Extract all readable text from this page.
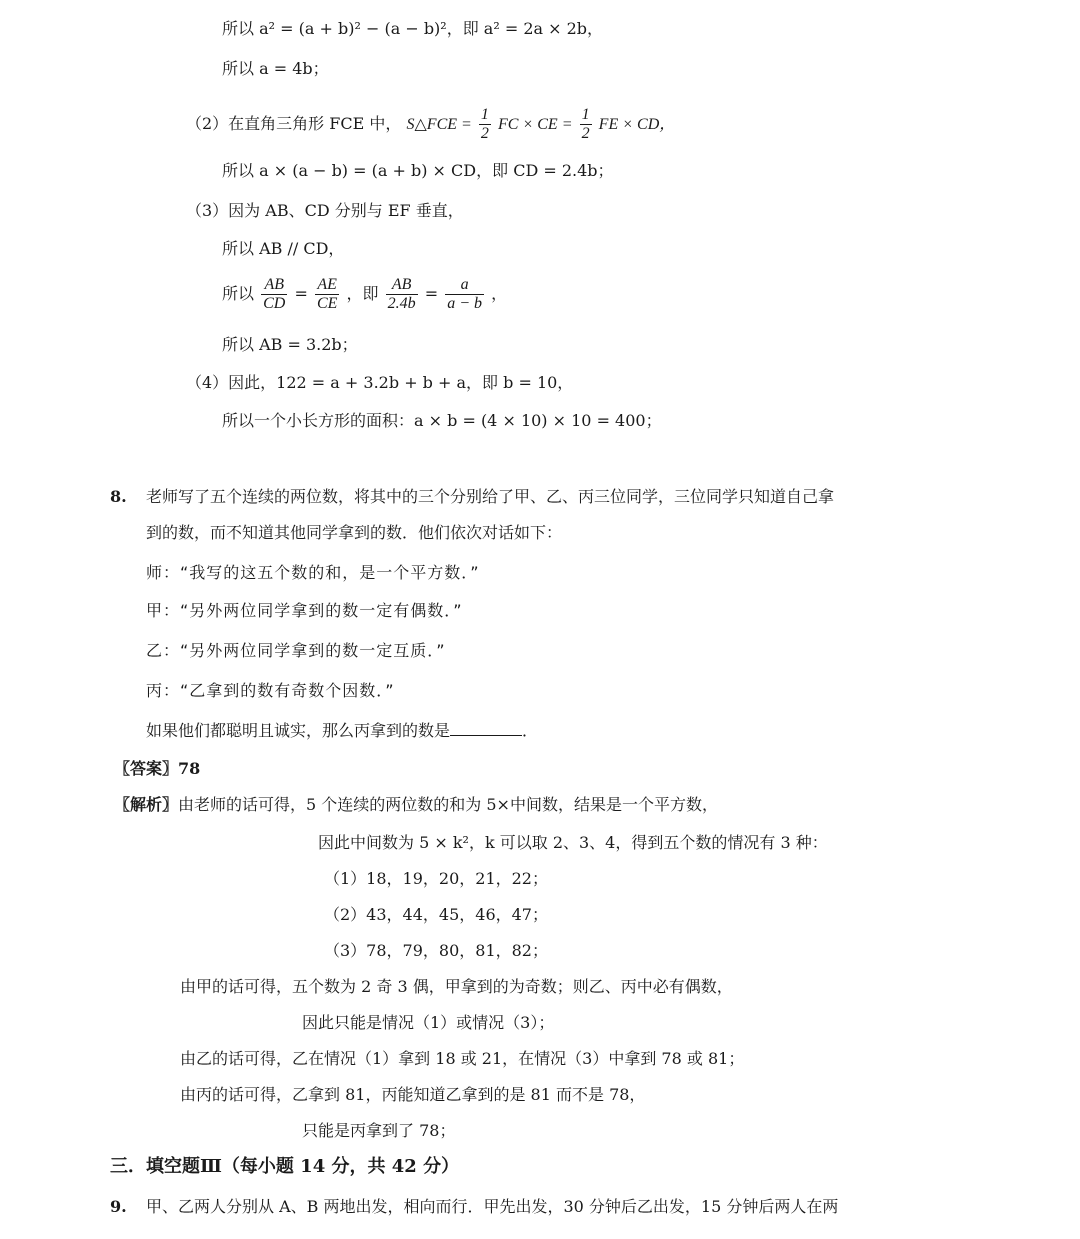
所以 a² = (a + b)² − (a − b)²，即 a² = 2a × 2b，
所以 a = 4b；
（2）在直角三角形 FCE 中， S△FCE = $\frac{1}{2}$ FC × CE = $\frac{1}{2}$ FE × CD，
所以 a × (a − b) = (a + b) × CD，即 CD = 2.4b；
（3）因为 AB、CD 分别与 EF 垂直，
所以 AB // CD，
所以 $\frac{AB}{CD} = \frac{AE}{CE}$ ，即 $\frac{AB}{2.4b} = \frac{a}{a - b}$ ，
所以 AB = 3.2b；
（4）因此，122 = a + 3.2b + b + a，即 b = 10，
所以一个小长方形的面积：a × b = (4 × 10) × 10 = 400；
8. 老师写了五个连续的两位数，将其中的三个分别给了甲、乙、丙三位同学，三位同学只知道自己拿
到的数，而不知道其他同学拿到的数．他们依次对话如下：
师：“我写的这五个数的和，是一个平方数．”
甲：“另外两位同学拿到的数一定有偶数．”
乙：“另外两位同学拿到的数一定互质．”
丙：“乙拿到的数有奇数个因数．”
如果他们都聪明且诚实，那么丙拿到的数是	．
〖答案〗78
〖解析〗由老师的话可得，5 个连续的两位数的和为 5×中间数，结果是一个平方数，
因此中间数为 5 × k²，k 可以取 2、3、4，得到五个数的情况有 3 种：
（1）18，19，20，21，22；
（2）43，44，45，46，47；
（3）78，79，80，81，82；
由甲的话可得，五个数为 2 奇 3 偶，甲拿到的为奇数；则乙、丙中必有偶数，
因此只能是情况（1）或情况（3）；
由乙的话可得，乙在情况（1）拿到 18 或 21，在情况（3）中拿到 78 或 81；
由丙的话可得，乙拿到 81，丙能知道乙拿到的是 81 而不是 78，
只能是丙拿到了 78；
三．填空题Ⅲ（每小题 14 分，共 42 分）
9. 甲、乙两人分别从 A、B 两地出发，相向而行．甲先出发，30 分钟后乙出发，15 分钟后两人在两
